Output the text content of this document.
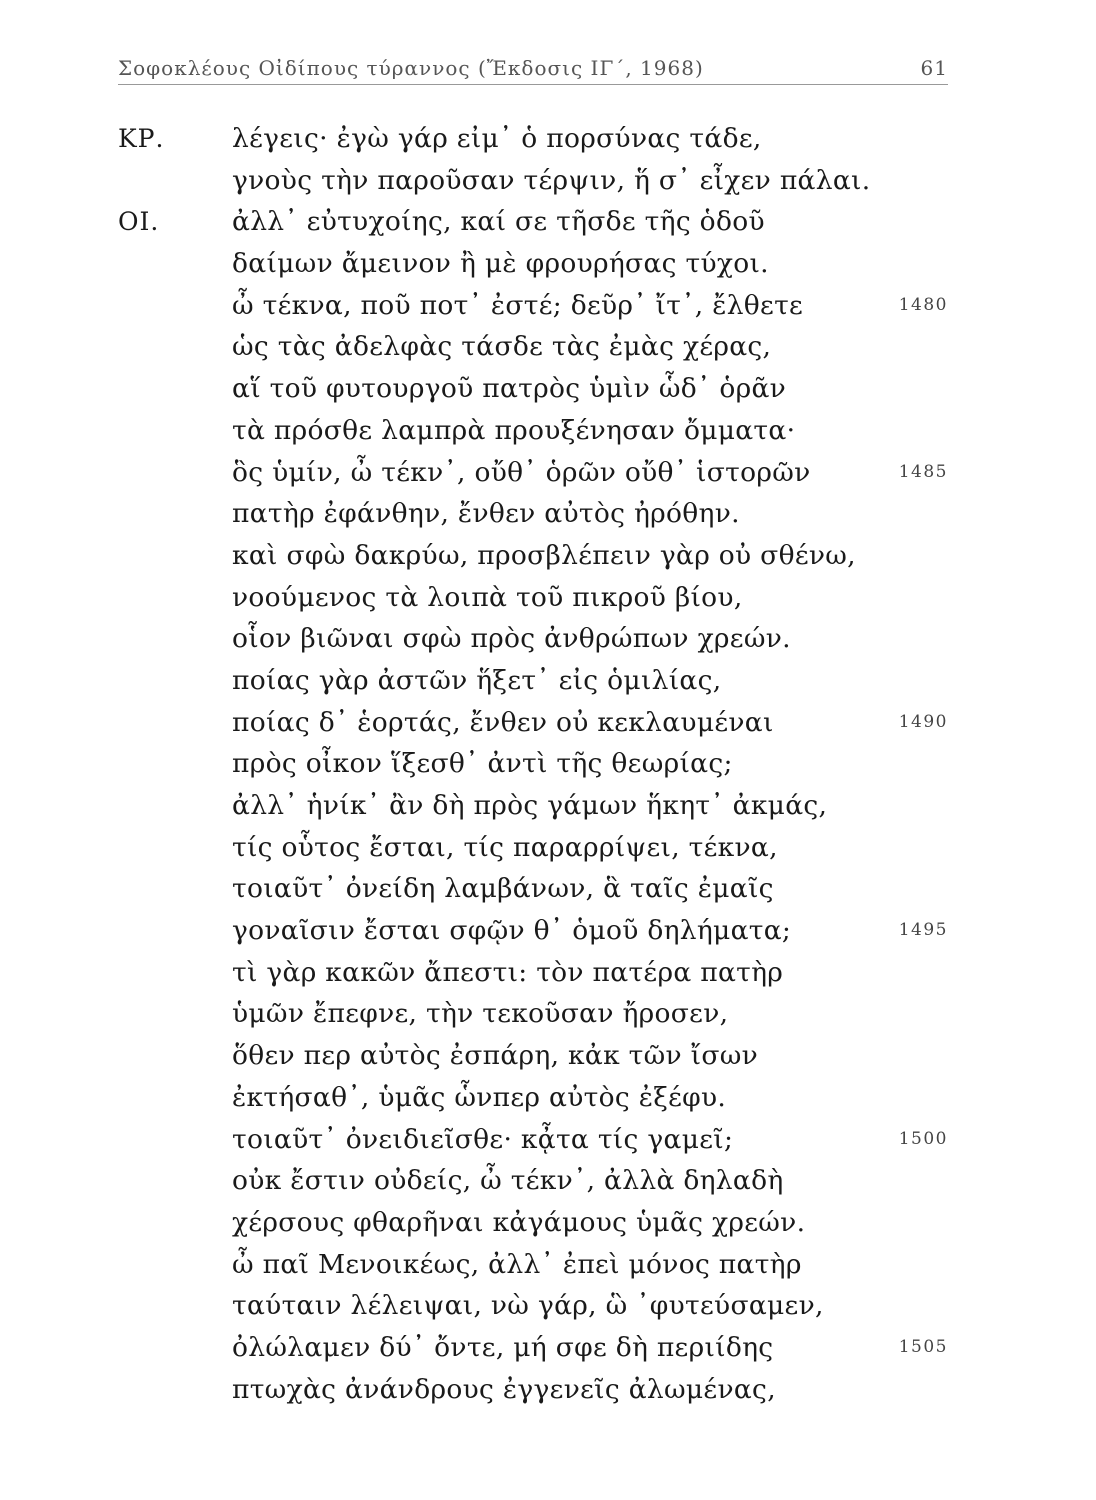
Σοφοκλέους Οἰδίπους τύραννος (Ἔκδοσις ΙΓ΄, 1968)	61
ΚΡ.	λέγεις· ἐγὼ γάρ εἰμ᾽ ὁ πορσύνας τάδε,
γνοὺς τὴν παροῦσαν τέρψιν, ἥ σ᾽ εἶχεν πάλαι.
ΟΙ.	ἀλλ᾽ εὐτυχοίης, καί σε τῆσδε τῆς ὁδοῦ
δαίμων ἄμεινον ἢ μὲ φρουρήσας τύχοι.
ὦ τέκνα, ποῦ ποτ᾽ ἐστέ; δεῦρ᾽ ἴτ᾽, ἔλθετε	1480
ὡς τὰς ἀδελφὰς τάσδε τὰς ἐμὰς χέρας,
αἵ τοῦ φυτουργοῦ πατρὸς ὑμὶν ὧδ᾽ ὁρᾶν
τὰ πρόσθε λαμπρὰ προυξένησαν ὄμματα·
ὃς ὑμίν, ὦ τέκν᾽, οὔθ᾽ ὁρῶν οὔθ᾽ ἱστορῶν	1485
πατὴρ ἐφάνθην, ἔνθεν αὐτὸς ἠρόθην.
καὶ σφὼ δακρύω, προσβλέπειν γὰρ οὐ σθένω,
νοούμενος τὰ λοιπὰ τοῦ πικροῦ βίου,
οἷον βιῶναι σφὼ πρὸς ἀνθρώπων χρεών.
ποίας γὰρ ἀστῶν ἥξετ᾽ εἰς ὁμιλίας,
ποίας δ᾽ ἑορτάς, ἔνθεν οὐ κεκλαυμέναι	1490
πρὸς οἶκον ἵξεσθ᾽ ἀντὶ τῆς θεωρίας;
ἀλλ᾽ ἡνίκ᾽ ἂν δὴ πρὸς γάμων ἥκητ᾽ ἀκμάς,
τίς οὗτος ἔσται, τίς παραρρίψει, τέκνα,
τοιαῦτ᾽ ὀνείδη λαμβάνων, ἃ ταῖς ἐμαῖς
γοναῖσιν ἔσται σφῷν θ᾽ ὁμοῦ δηλήματα;	1495
τὶ γὰρ κακῶν ἄπεστι: τὸν πατέρα πατὴρ
ὑμῶν ἔπεφνε, τὴν τεκοῦσαν ἤροσεν,
ὅθεν περ αὐτὸς ἐσπάρη, κἀκ τῶν ἴσων
ἐκτήσαθ᾽, ὑμᾶς ὧνπερ αὐτὸς ἐξέφυ.
τοιαῦτ᾽ ὀνειδιεῖσθε· κᾆτα τίς γαμεῖ;	1500
οὐκ ἔστιν οὐδείς, ὦ τέκν᾽, ἀλλὰ δηλαδὴ
χέρσους φθαρῆναι κἀγάμους ὑμᾶς χρεών.
ὦ παῖ Μενοικέως, ἀλλ᾽ ἐπεὶ μόνος πατὴρ
ταύταιν λέλειψαι, νὼ γάρ, ὣ ᾽φυτεύσαμεν,
ὀλώλαμεν δύ᾽ ὄντε, μή σφε δὴ περιίδης	1505
πτωχὰς ἀνάνδρους ἐγγενεῖς ἀλωμένας,
